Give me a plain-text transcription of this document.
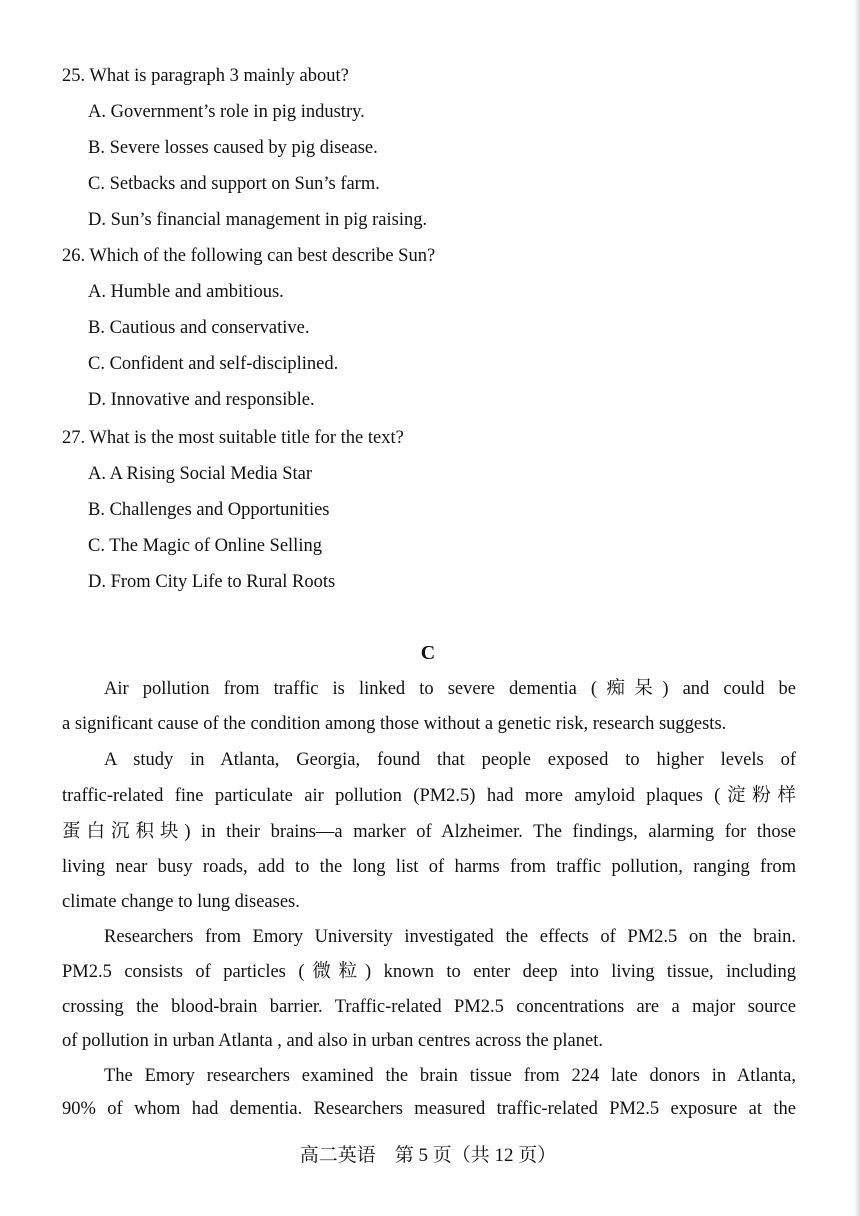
25. What is paragraph 3 mainly about?
A. Government’s role in pig industry.
B. Severe losses caused by pig disease.
C. Setbacks and support on Sun’s farm.
D. Sun’s financial management in pig raising.
26. Which of the following can best describe Sun?
A. Humble and ambitious.
B. Cautious and conservative.
C. Confident and self-disciplined.
D. Innovative and responsible.
27. What is the most suitable title for the text?
A. A Rising Social Media Star
B. Challenges and Opportunities
C. The Magic of Online Selling
D. From City Life to Rural Roots
C
Air pollution from traffic is linked to severe dementia (痴呆) and could be
a significant cause of the condition among those without a genetic risk, research suggests.
A study in Atlanta, Georgia, found that people exposed to higher levels of
traffic-related fine particulate air pollution (PM2.5) had more amyloid plaques (淀粉样
蛋白沉积块) in their brains—a marker of Alzheimer. The findings, alarming for those
living near busy roads, add to the long list of harms from traffic pollution, ranging from
climate change to lung diseases.
Researchers from Emory University investigated the effects of PM2.5 on the brain.
PM2.5 consists of particles (微粒) known to enter deep into living tissue, including
crossing the blood-brain barrier. Traffic-related PM2.5 concentrations are a major source
of pollution in urban Atlanta , and also in urban centres across the planet.
The Emory researchers examined the brain tissue from 224 late donors in Atlanta,
90% of whom had dementia. Researchers measured traffic-related PM2.5 exposure at the
高二英语　第 5 页（共 12 页）
